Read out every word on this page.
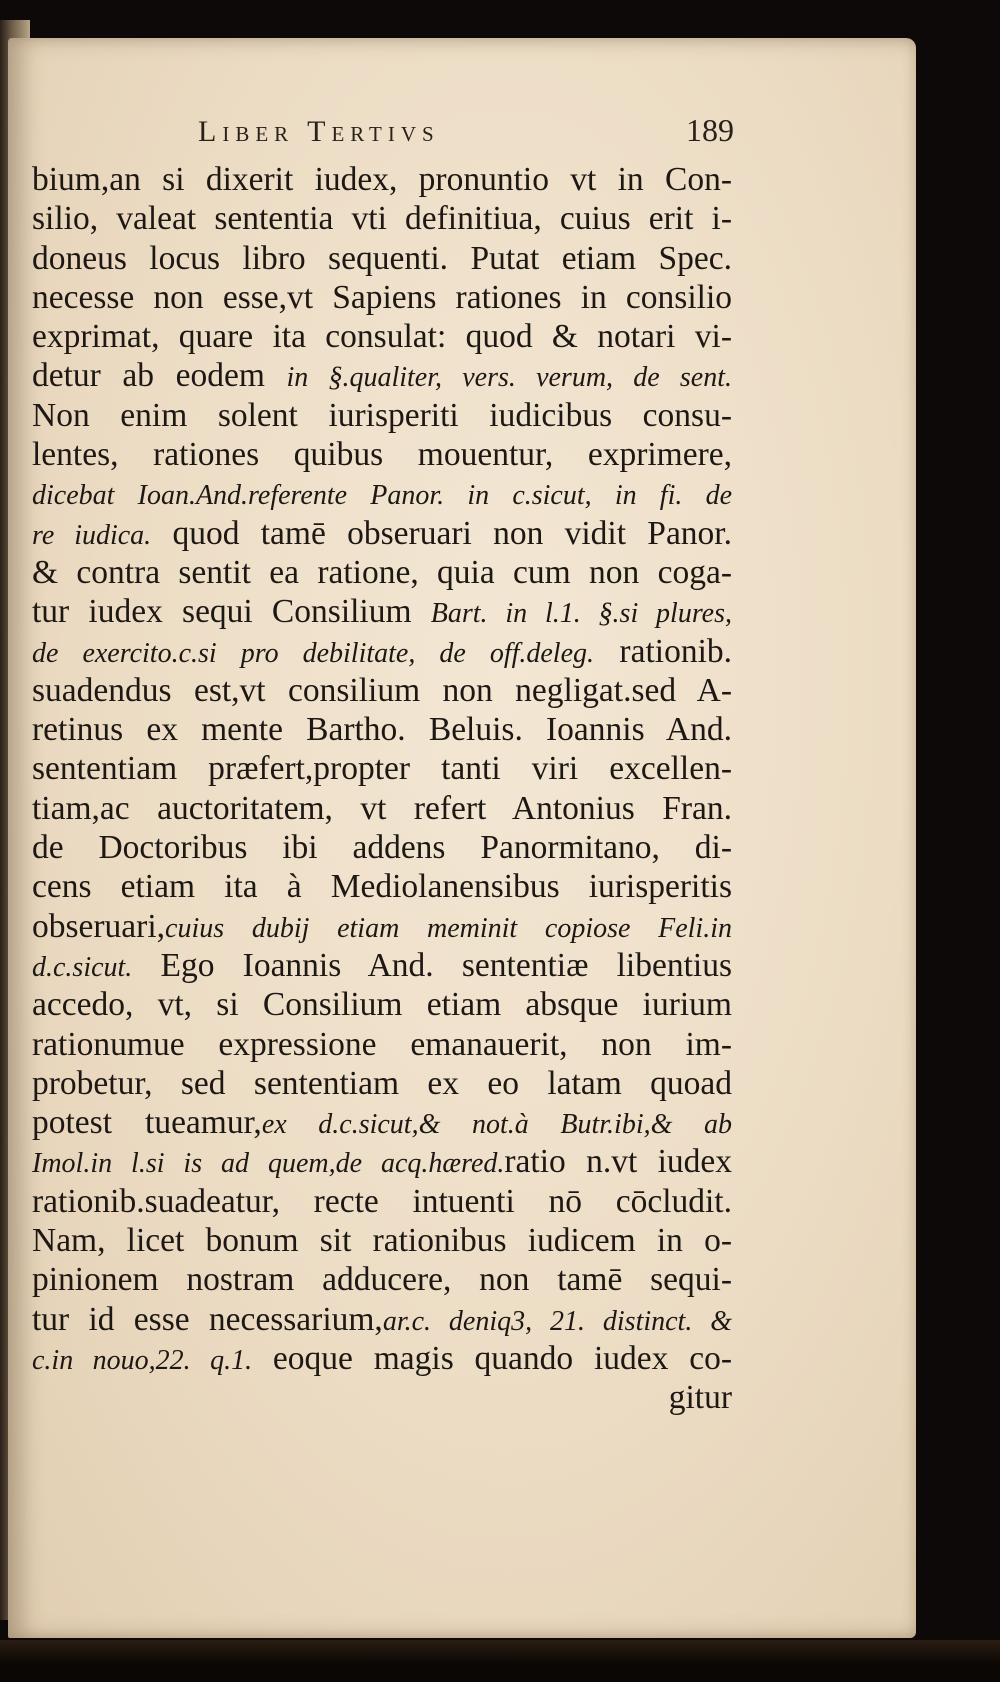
Liber Tertivs	189
bium,an si dixerit iudex, pronuntio vt in Con-
silio, valeat sententia vti definitiua, cuius erit i-
doneus locus libro sequenti. Putat etiam Spec.
necesse non esse,vt Sapiens rationes in consilio
exprimat, quare ita consulat: quod & notari vi-
detur ab eodem in §.qualiter, vers. verum, de sent.
Non enim solent iurisperiti iudicibus consu-
lentes, rationes quibus mouentur, exprimere,
dicebat Ioan.And.referente Panor. in c.sicut, in fi. de
re iudica. quod tamē obseruari non vidit Panor.
& contra sentit ea ratione, quia cum non coga-
tur iudex sequi Consilium Bart. in l.1. §.si plures,
de exercito.c.si pro debilitate, de off.deleg. rationib.
suadendus est,vt consilium non negligat.sed A-
retinus ex mente Bartho. Beluis. Ioannis And.
sententiam præfert,propter tanti viri excellen-
tiam,ac auctoritatem, vt refert Antonius Fran.
de Doctoribus ibi addens Panormitano, di-
cens etiam ita à Mediolanensibus iurisperitis
obseruari,cuius dubij etiam meminit copiose Feli.in
d.c.sicut. Ego Ioannis And. sententiæ libentius
accedo, vt, si Consilium etiam absque iurium
rationumue expressione emanauerit, non im-
probetur, sed sententiam ex eo latam quoad
potest tueamur,ex d.c.sicut,& not.à Butr.ibi,& ab
Imol.in l.si is ad quem,de acq.hæred.ratio n.vt iudex
rationib.suadeatur, recte intuenti nō cōcludit.
Nam, licet bonum sit rationibus iudicem in o-
pinionem nostram adducere, non tamē sequi-
tur id esse necessarium,ar.c. deniq3, 21. distinct. &
c.in nouo,22. q.1. eoque magis quando iudex co-
gitur
